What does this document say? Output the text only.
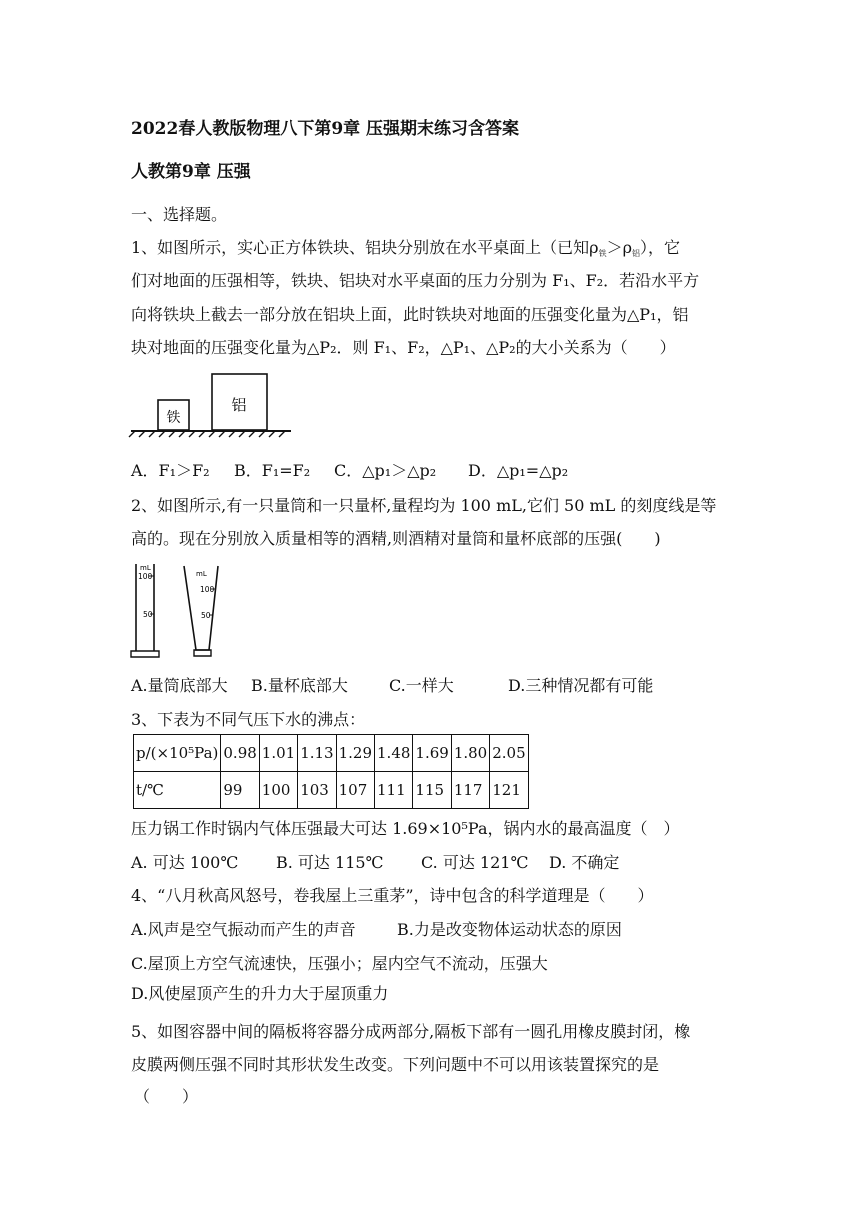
2022春人教版物理八下第9章 压强期末练习含答案
人教第9章 压强
一、选择题。
1、如图所示，实心正方体铁块、铝块分别放在水平桌面上（已知ρ铁＞ρ铝），它
们对地面的压强相等，铁块、铝块对水平桌面的压力分别为 F₁、F₂．若沿水平方
向将铁块上截去一部分放在铝块上面，此时铁块对地面的压强变化量为△P₁，铝
块对地面的压强变化量为△P₂．则 F₁、F₂，△P₁、△P₂的大小关系为（　　）
铁
铝
A．F₁＞F₂ B．F₁=F₂ C．△p₁＞△p₂ D．△p₁=△p₂
2、如图所示,有一只量筒和一只量杯,量程均为 100 mL,它们 50 mL 的刻度线是等
高的。现在分别放入质量相等的酒精,则酒精对量筒和量杯底部的压强(　　)
mL
100
50
mL
100
50
A.量筒底部大 B.量杯底部大	C.一样大	D.三种情况都有可能
3、下表为不同气压下水的沸点：
p/(×10⁵Pa)	0.98	1.01	1.13	1.29	1.48	1.69	1.80	2.05
t/℃	99	100	103	107	111	115	117	121
压力锅工作时锅内气体压强最大可达 1.69×10⁵Pa，锅内水的最高温度（　）
A. 可达 100℃ B. 可达 115℃ C. 可达 121℃ D. 不确定
4、“八月秋高风怒号，卷我屋上三重茅”，诗中包含的科学道理是（　　）
A.风声是空气振动而产生的声音	B.力是改变物体运动状态的原因
C.屋顶上方空气流速快，压强小；屋内空气不流动，压强大
D.风使屋顶产生的升力大于屋顶重力
5、如图容器中间的隔板将容器分成两部分,隔板下部有一圆孔用橡皮膜封闭，橡
皮膜两侧压强不同时其形状发生改变。下列问题中不可以用该装置探究的是
（　　）
